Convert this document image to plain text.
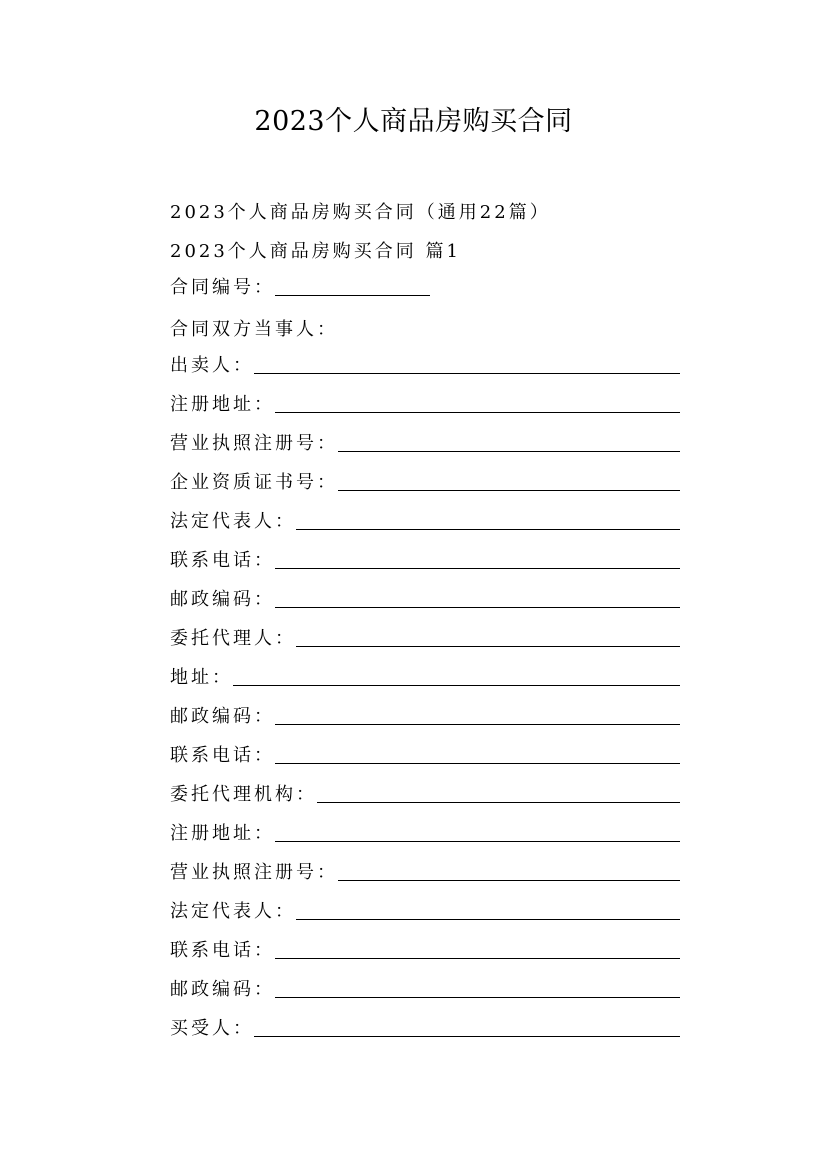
2023个人商品房购买合同
2023个人商品房购买合同（通用22篇）
2023个人商品房购买合同 篇1
合同编号：
合同双方当事人：
出卖人：
注册地址：
营业执照注册号：
企业资质证书号：
法定代表人：
联系电话：
邮政编码：
委托代理人：
地址：
邮政编码：
联系电话：
委托代理机构：
注册地址：
营业执照注册号：
法定代表人：
联系电话：
邮政编码：
买受人：
